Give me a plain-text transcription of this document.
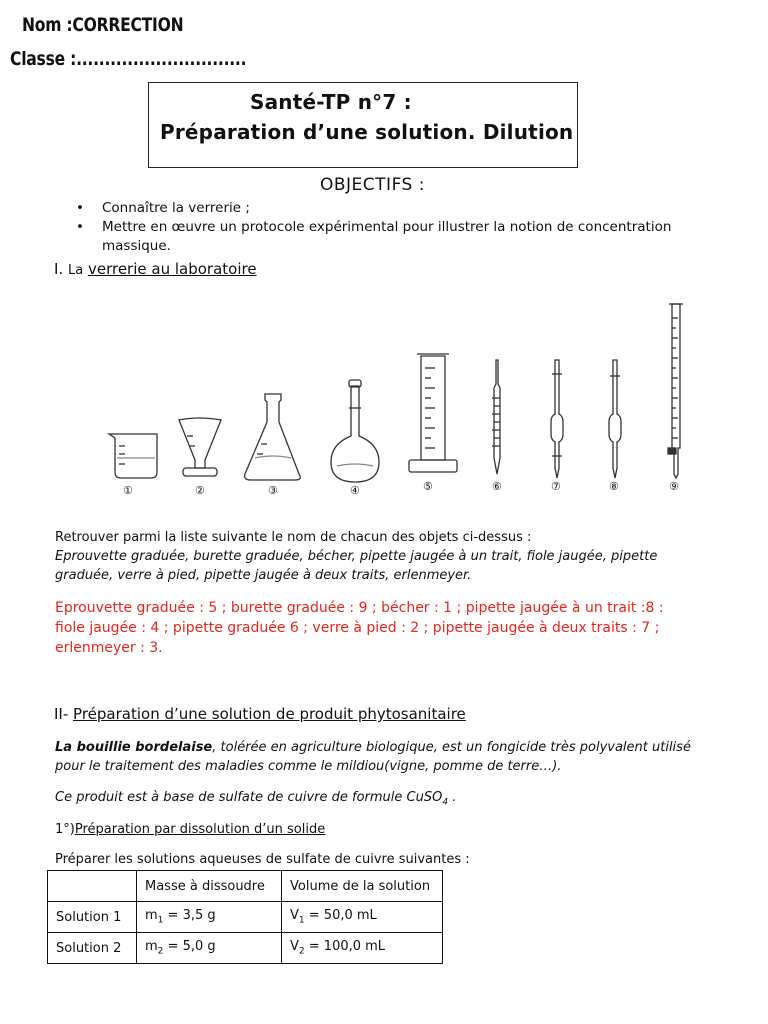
Nom :CORRECTION
Classe :..............................
Santé-TP n°7 :
Préparation d’une solution. Dilution
OBJECTIFS :
• Connaître la verrerie ;
• Mettre en œuvre un protocole expérimental pour illustrer la notion de concentration
massique.
I. La verrerie au laboratoire
①	②	③	④	⑤	⑥	⑦	⑧	⑨
Retrouver parmi la liste suivante le nom de chacun des objets ci-dessus :
Eprouvette graduée, burette graduée, bécher, pipette jaugée à un trait, fiole jaugée, pipette
graduée, verre à pied, pipette jaugée à deux traits, erlenmeyer.
Eprouvette graduée : 5 ; burette graduée : 9 ; bécher : 1 ; pipette jaugée à un trait :8 :
fiole jaugée : 4 ; pipette graduée 6 ; verre à pied : 2 ; pipette jaugée à deux traits : 7 ;
erlenmeyer : 3.
II- Préparation d’une solution de produit phytosanitaire
La bouillie bordelaise, tolérée en agriculture biologique, est un fongicide très polyvalent utilisé
pour le traitement des maladies comme le mildiou(vigne, pomme de terre…).
Ce produit est à base de sulfate de cuivre de formule CuSO$_4$ .
1°)Préparation par dissolution d’un solide
Préparer les solutions aqueuses de sulfate de cuivre suivantes :
	Masse à dissoudre	Volume de la solution
Solution 1	$m_1 = 3,5$ g	$V_1 = 50,0$ mL
Solution 2	$m_2 = 5,0$ g	$V_2 = 100,0$ mL
